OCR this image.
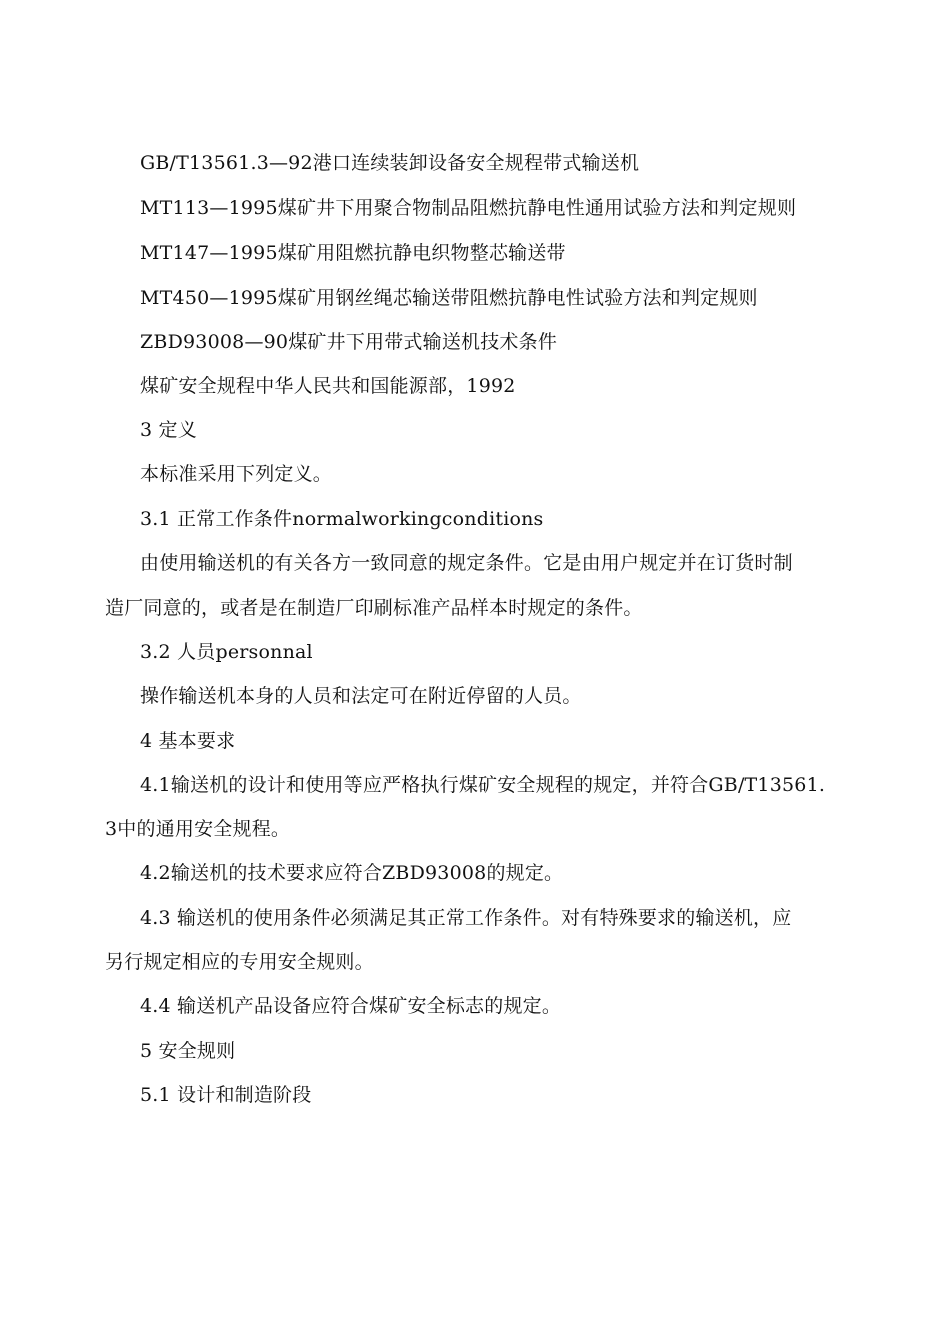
GB/T13561.3—92港口连续装卸设备安全规程带式输送机
MT113—1995煤矿井下用聚合物制品阻燃抗静电性通用试验方法和判定规则
MT147—1995煤矿用阻燃抗静电织物整芯输送带
MT450—1995煤矿用钢丝绳芯输送带阻燃抗静电性试验方法和判定规则
ZBD93008—90煤矿井下用带式输送机技术条件
煤矿安全规程中华人民共和国能源部，1992
3 定义
本标准采用下列定义。
3.1 正常工作条件normalworkingconditions
由使用输送机的有关各方一致同意的规定条件。它是由用户规定并在订货时制
造厂同意的，或者是在制造厂印刷标准产品样本时规定的条件。
3.2 人员personnal
操作输送机本身的人员和法定可在附近停留的人员。
4 基本要求
4.1输送机的设计和使用等应严格执行煤矿安全规程的规定，并符合GB/T13561.
3中的通用安全规程。
4.2输送机的技术要求应符合ZBD93008的规定。
4.3 输送机的使用条件必须满足其正常工作条件。对有特殊要求的输送机，应
另行规定相应的专用安全规则。
4.4 输送机产品设备应符合煤矿安全标志的规定。
5 安全规则
5.1 设计和制造阶段
